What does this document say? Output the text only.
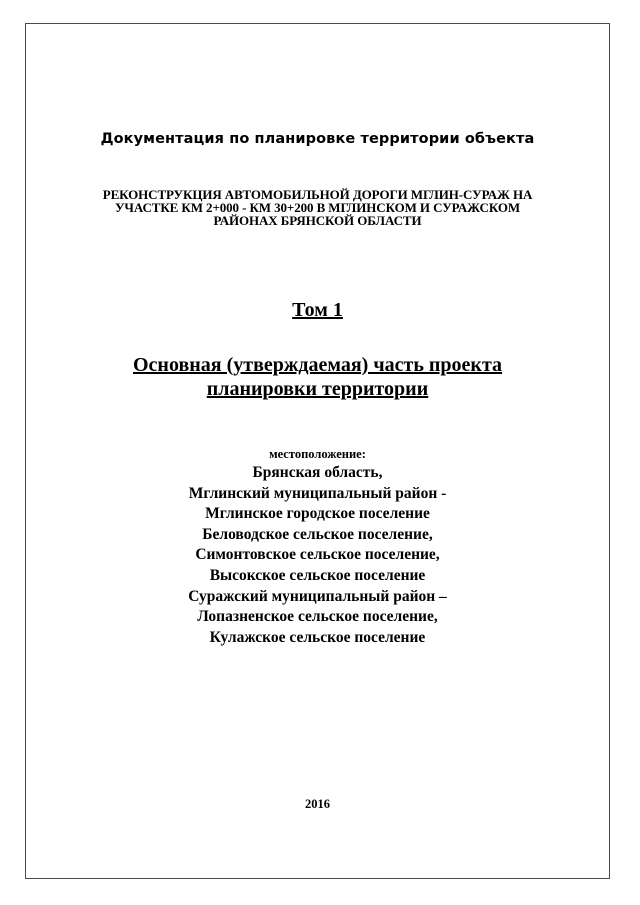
Документация по планировке территории объекта
РЕКОНСТРУКЦИЯ АВТОМОБИЛЬНОЙ ДОРОГИ МГЛИН-СУРАЖ НА
УЧАСТКЕ КМ 2+000 - КМ 30+200 В МГЛИНСКОМ И СУРАЖСКОМ
РАЙОНАХ БРЯНСКОЙ ОБЛАСТИ
Том 1
Основная (утверждаемая) часть проекта
планировки территории
местоположение:
Брянская область,
Мглинский муниципальный район -
Мглинское городское поселение
Беловодское сельское поселение,
Симонтовское сельское поселение,
Высокское сельское поселение
Суражский муниципальный район –
Лопазненское сельское поселение,
Кулажское сельское поселение
2016
